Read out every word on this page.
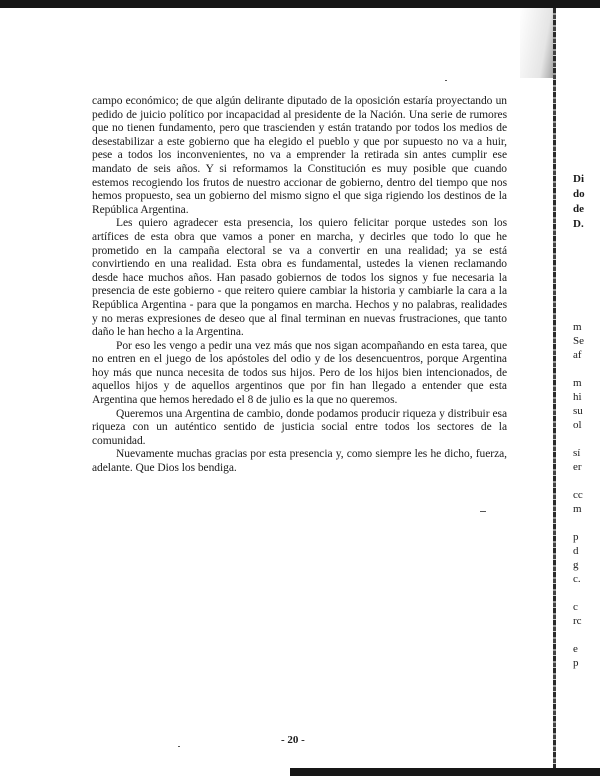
campo económico; de que algún delirante diputado de la oposición estaría proyectando un pedido de juicio político por incapacidad al presidente de la Nación. Una serie de rumores que no tienen fundamento, pero que trascienden y están tratando por todos los medios de desestabilizar a este gobierno que ha elegido el pueblo y que por supuesto no va a huir, pese a todos los inconvenientes, no va a emprender la retirada sin antes cumplir ese mandato de seis años. Y si reformamos la Constitución es muy posible que cuando estemos recogiendo los frutos de nuestro accionar de gobierno, dentro del tiempo que nos hemos propuesto, sea un gobierno del mismo signo el que siga rigiendo los destinos de la República Argentina.

Les quiero agradecer esta presencia, los quiero felicitar porque ustedes son los artífices de esta obra que vamos a poner en marcha, y decirles que todo lo que he prometido en la campaña electoral se va a convertir en una realidad; ya se está convirtiendo en una realidad. Esta obra es fundamental, ustedes la vienen reclamando desde hace muchos años. Han pasado gobiernos de todos los signos y fue necesaria la presencia de este gobierno - que reitero quiere cambiar la historia y cambiarle la cara a la República Argentina - para que la pongamos en marcha. Hechos y no palabras, realidades y no meras expresiones de deseo que al final terminan en nuevas frustraciones, que tanto daño le han hecho a la Argentina.

Por eso les vengo a pedir una vez más que nos sigan acompañando en esta tarea, que no entren en el juego de los apóstoles del odio y de los desencuentros, porque Argentina hoy más que nunca necesita de todos sus hijos. Pero de los hijos bien intencionados, de aquellos hijos y de aquellos argentinos que por fin han llegado a entender que esta Argentina que hemos heredado el 8 de julio es la que no queremos.

Queremos una Argentina de cambio, donde podamos producir riqueza y distribuir esa riqueza con un auténtico sentido de justicia social entre todos los sectores de la comunidad.

Nuevamente muchas gracias por esta presencia y, como siempre les he dicho, fuerza, adelante. Que Dios los bendiga.

- 20 -
Di
do
de
D.
m
Se
af
m
hi
su
ol
sí
er
cc
m
p
d
g
c.
c
rc
e
p
